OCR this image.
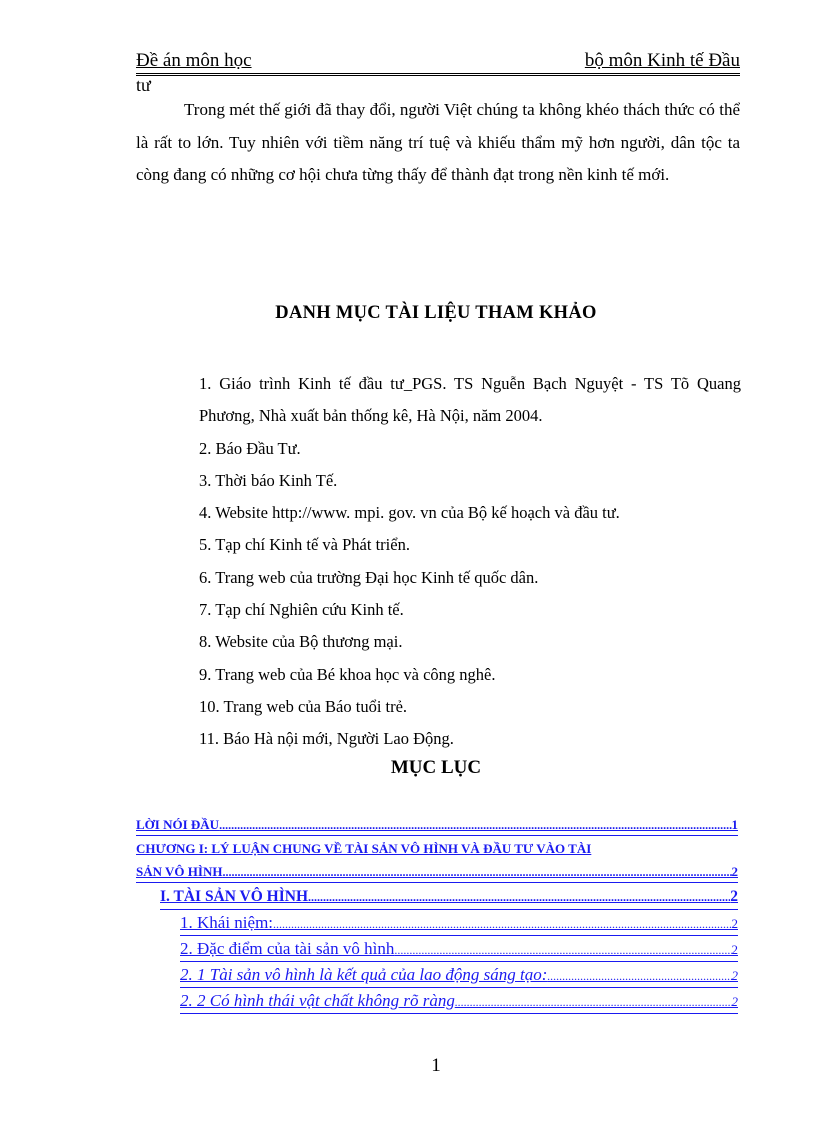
Đề án môn học	bộ môn Kinh tế Đầu
tư

Trong mét thế giới đã thay đổi, người Việt chúng ta không khéo thách thức có thể là rất to lớn. Tuy nhiên với tiềm năng trí tuệ và khiếu thẩm mỹ hơn người, dân tộc ta còng đang có những cơ hội chưa từng thấy để thành đạt trong nền kinh tế mới.

DANH MỤC TÀI LIỆU THAM KHẢO
1. Giáo trình Kinh tế đầu tư_PGS. TS Nguễn Bạch Nguyệt - TS Tõ Quang Phương, Nhà xuất bản thống kê, Hà Nội, năm 2004.
2. Báo Đầu Tư.
3. Thời báo Kinh Tế.
4. Website http://www. mpi. gov. vn của Bộ kế hoạch và đầu tư.
5. Tạp chí Kinh tế và Phát triển.
6. Trang web của trường Đại học Kinh tế quốc dân.
7. Tạp chí Nghiên cứu Kinh tế.
8. Website của Bộ thương mại.
9. Trang web của Bé khoa học và công nghê.
10. Trang web của Báo tuổi trẻ.
11. Báo Hà nội mới, Người Lao Động.
MỤC LỤC
LỜI NÓI ĐẦU .....	1
CHƯƠNG I: LÝ LUẬN CHUNG VỀ TÀI SẢN VÔ HÌNH VÀ ĐẦU TƯ VÀO TÀI
SẢN VÔ HÌNH .....	2
I. TÀI SẢN VÔ HÌNH .....	2
1. Khái niệm: .....	2
2. Đặc điểm của tài sản vô hình .....	2
2. 1 Tài sản vô hình là kết quả của lao động sáng tạo: .....	2
2. 2 Có hình thái vật chất không rõ ràng .....	2
1
